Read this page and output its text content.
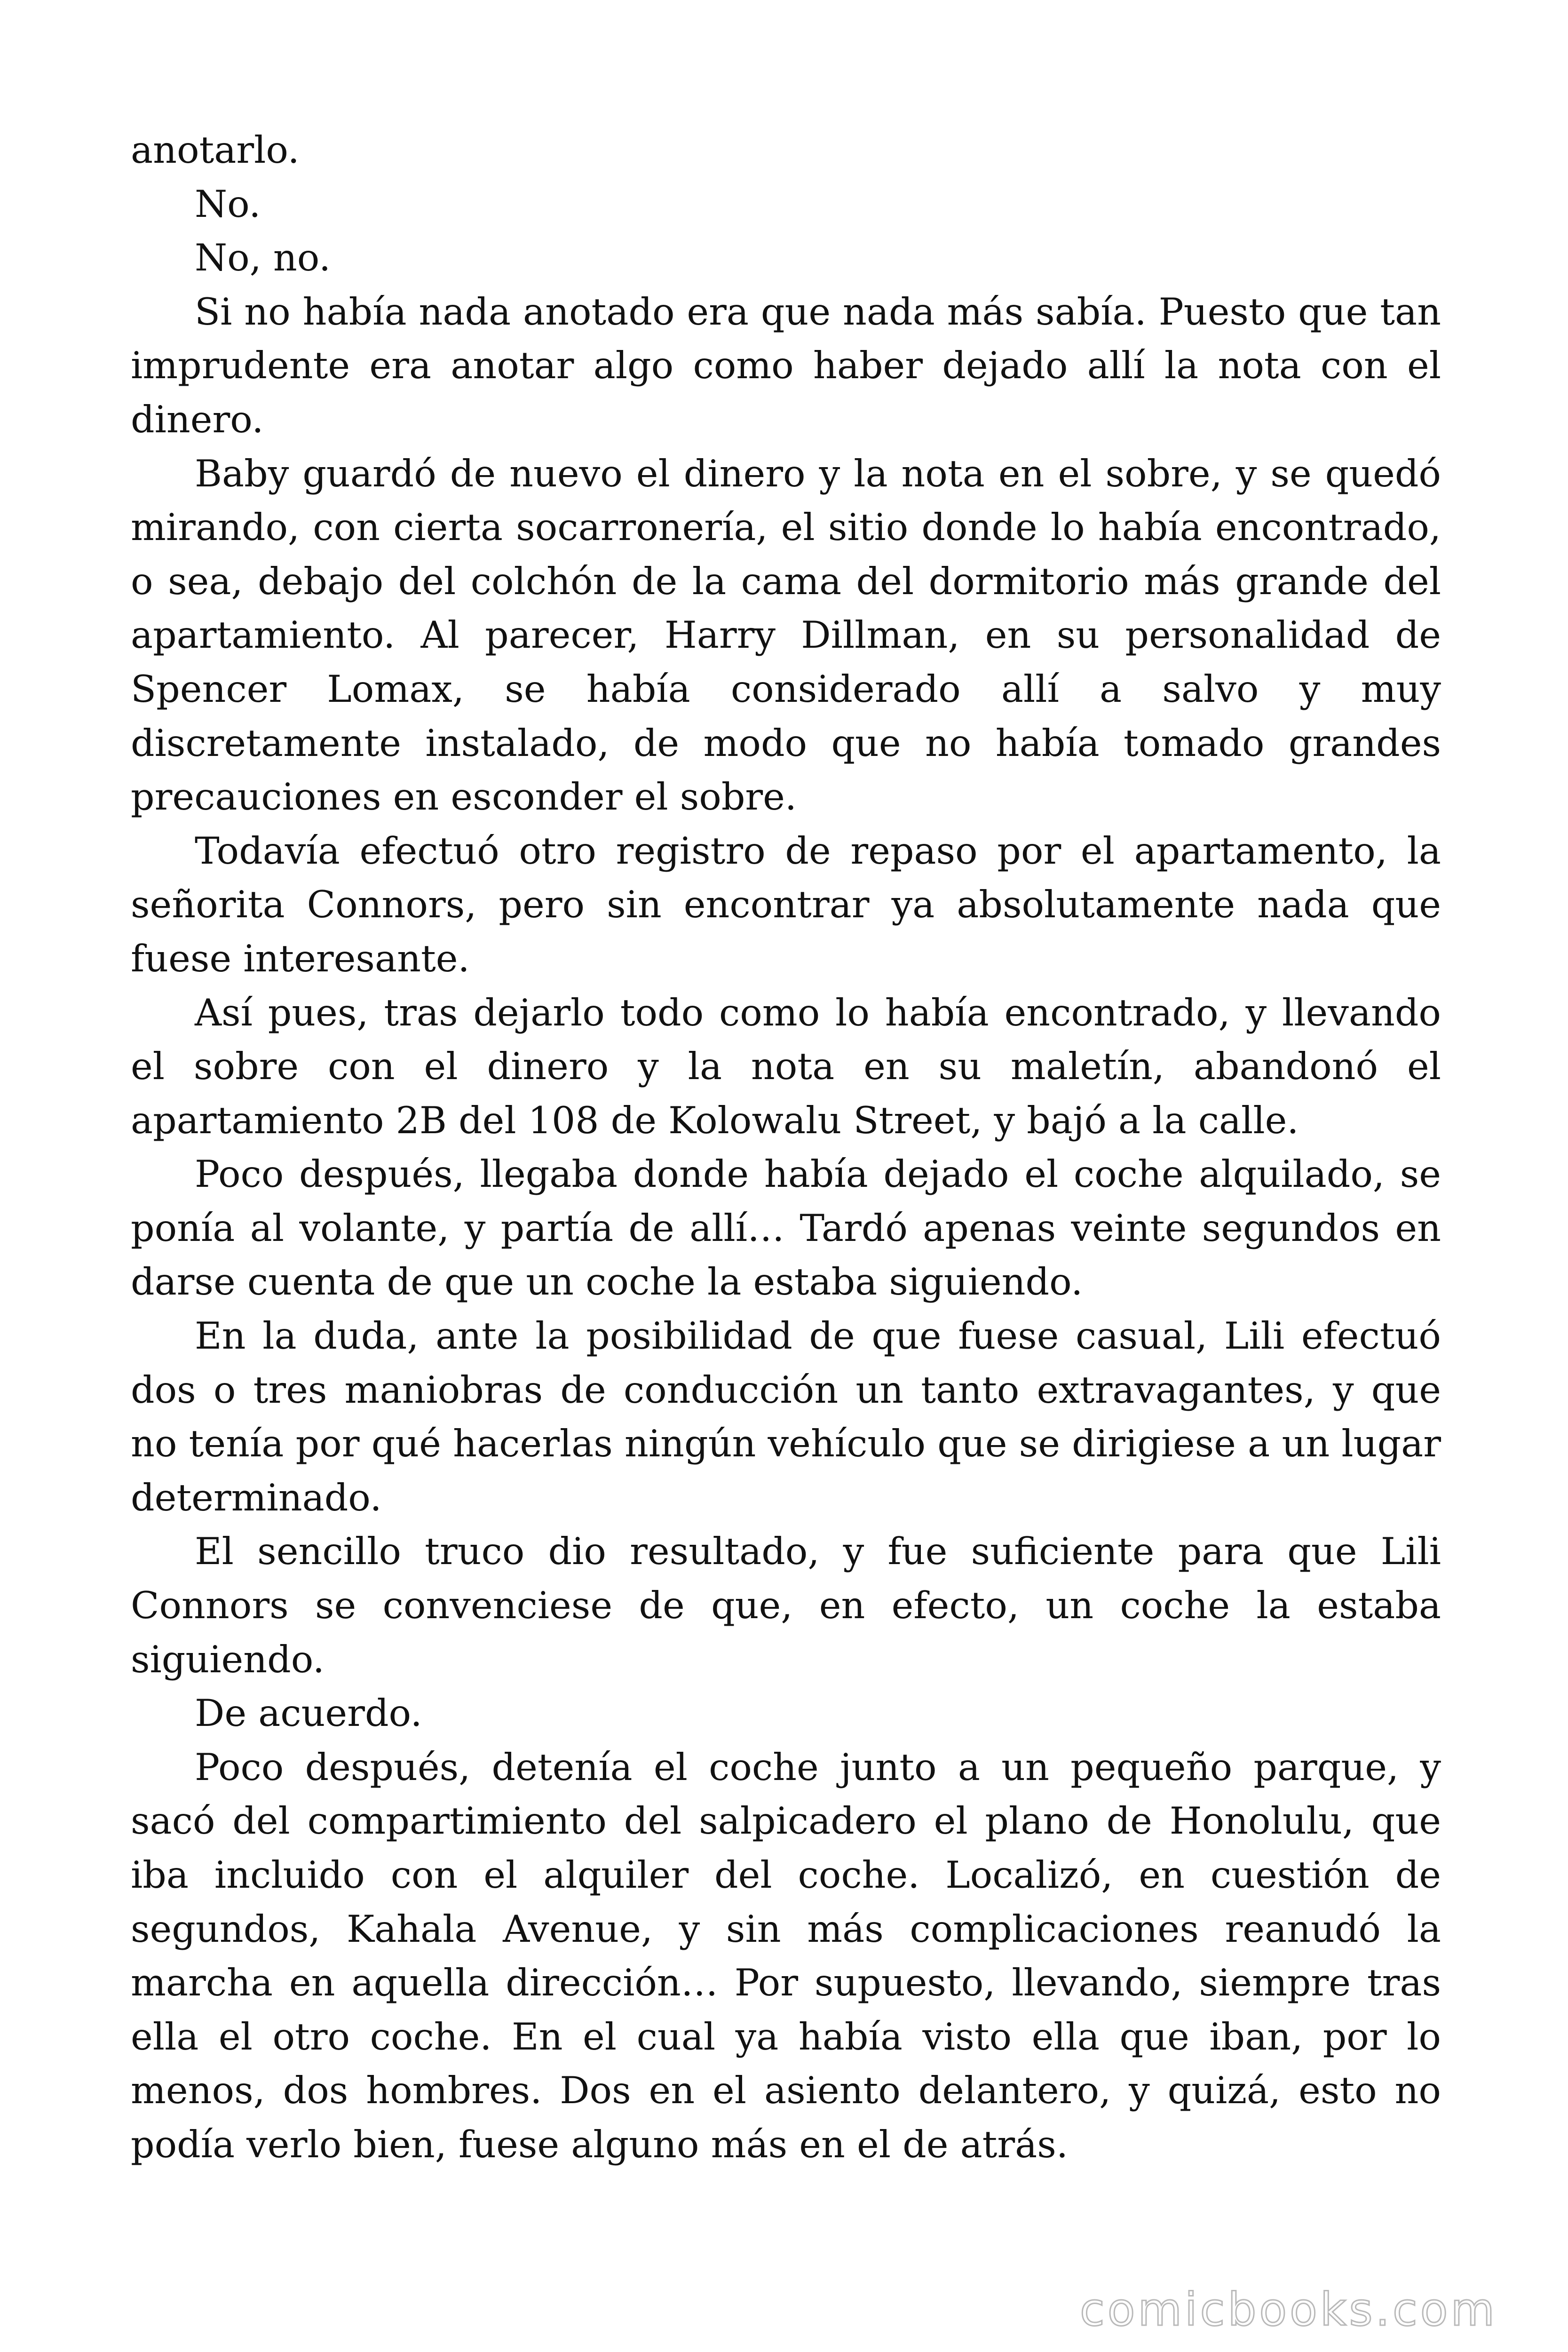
anotarlo.

No.

No, no.

Si no había nada anotado era que nada más sabía. Puesto que tan imprudente era anotar algo como haber dejado allí la nota con el dinero.

Baby guardó de nuevo el dinero y la nota en el sobre, y se quedó mirando, con cierta socarronería, el sitio donde lo había encontrado, o sea, debajo del colchón de la cama del dormitorio más grande del apartamiento. Al parecer, Harry Dillman, en su personalidad de Spencer Lomax, se había considerado allí a salvo y muy discretamente instalado, de modo que no había tomado grandes precauciones en esconder el sobre.

Todavía efectuó otro registro de repaso por el apartamento, la señorita Connors, pero sin encontrar ya absolutamente nada que fuese interesante.

Así pues, tras dejarlo todo como lo había encontrado, y llevando el sobre con el dinero y la nota en su maletín, abandonó el apartamiento 2B del 108 de Kolowalu Street, y bajó a la calle.

Poco después, llegaba donde había dejado el coche alquilado, se ponía al volante, y partía de allí… Tardó apenas veinte segundos en darse cuenta de que un coche la estaba siguiendo.

En la duda, ante la posibilidad de que fuese casual, Lili efectuó dos o tres maniobras de conducción un tanto extravagantes, y que no tenía por qué hacerlas ningún vehículo que se dirigiese a un lugar determinado.

El sencillo truco dio resultado, y fue suficiente para que Lili Connors se convenciese de que, en efecto, un coche la estaba siguiendo.

De acuerdo.

Poco después, detenía el coche junto a un pequeño parque, y sacó del compartimiento del salpicadero el plano de Honolulu, que iba incluido con el alquiler del coche. Localizó, en cuestión de segundos, Kahala Avenue, y sin más complicaciones reanudó la marcha en aquella dirección… Por supuesto, llevando, siempre tras ella el otro coche. En el cual ya había visto ella que iban, por lo menos, dos hombres. Dos en el asiento delantero, y quizá, esto no podía verlo bien, fuese alguno más en el de atrás.

comicbooks.com
